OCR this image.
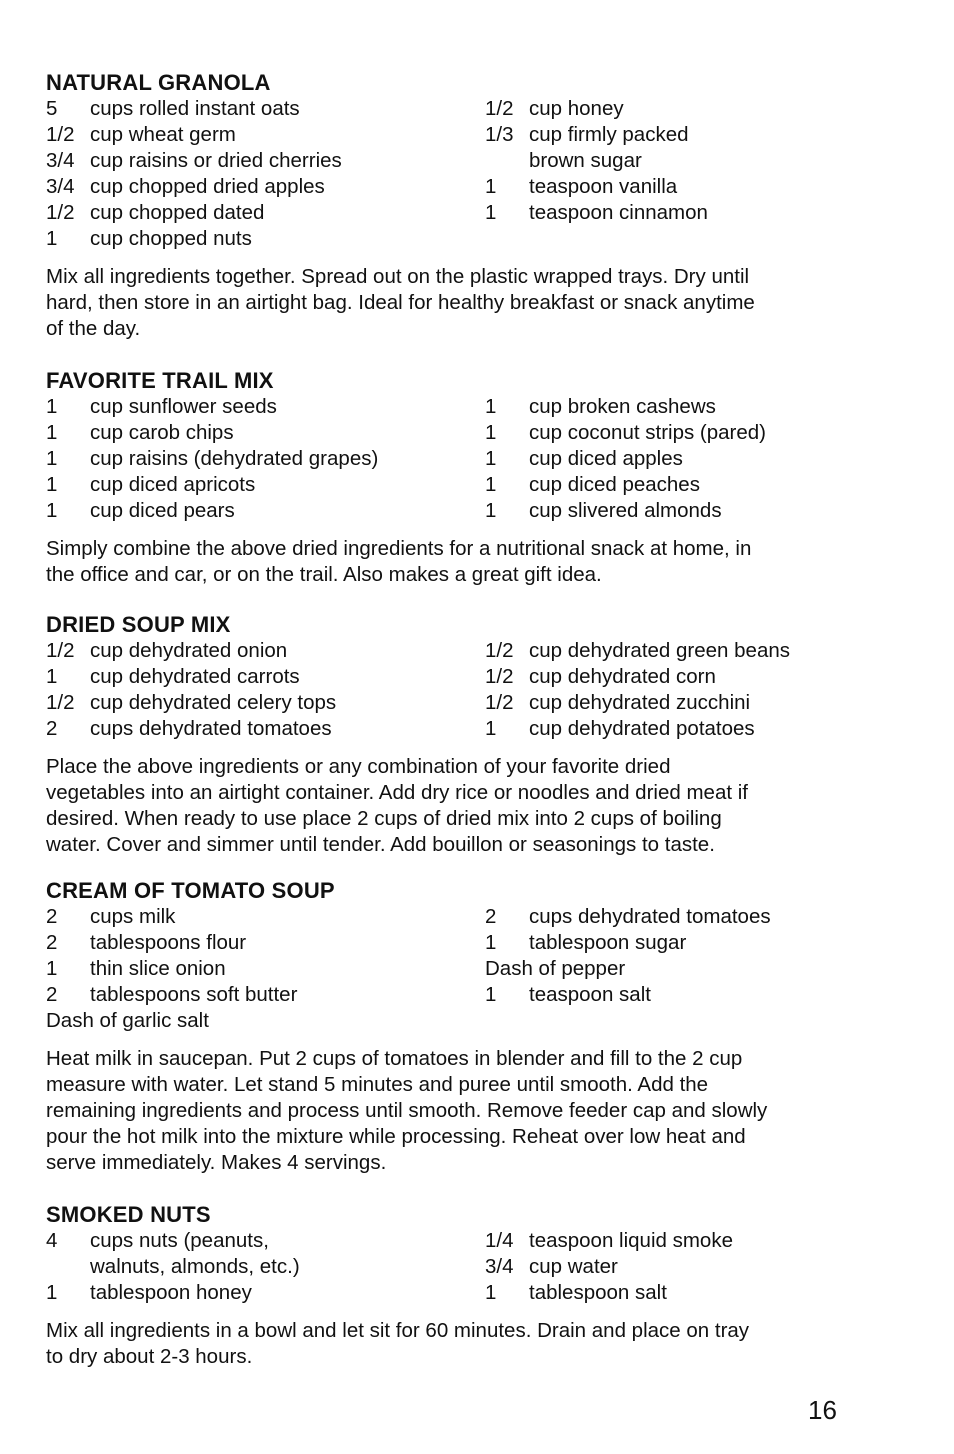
NATURAL GRANOLA
5 cups rolled instant oats
1/2 cup wheat germ
3/4 cup raisins or dried cherries
3/4 cup chopped dried apples
1/2 cup chopped dated
1 cup chopped nuts
1/2 cup honey
1/3 cup firmly packed
brown sugar
1 teaspoon vanilla
1 teaspoon cinnamon

Mix all ingredients together. Spread out on the plastic wrapped trays. Dry until
hard, then store in an airtight bag. Ideal for healthy breakfast or snack anytime
of the day.

FAVORITE TRAIL MIX
1 cup sunflower seeds
1 cup carob chips
1 cup raisins (dehydrated grapes)
1 cup diced apricots
1 cup diced pears
1 cup broken cashews
1 cup coconut strips (pared)
1 cup diced apples
1 cup diced peaches
1 cup slivered almonds

Simply combine the above dried ingredients for a nutritional snack at home, in
the office and car, or on the trail. Also makes a great gift idea.

DRIED SOUP MIX
1/2 cup dehydrated onion
1 cup dehydrated carrots
1/2 cup dehydrated celery tops
2 cups dehydrated tomatoes
1/2 cup dehydrated green beans
1/2 cup dehydrated corn
1/2 cup dehydrated zucchini
1 cup dehydrated potatoes

Place the above ingredients or any combination of your favorite dried
vegetables into an airtight container. Add dry rice or noodles and dried meat if
desired. When ready to use place 2 cups of dried mix into 2 cups of boiling
water. Cover and simmer until tender. Add bouillon or seasonings to taste.

CREAM OF TOMATO SOUP
2 cups milk
2 tablespoons flour
1 thin slice onion
2 tablespoons soft butter
Dash of garlic salt
2 cups dehydrated tomatoes
1 tablespoon sugar
Dash of pepper
1 teaspoon salt

Heat milk in saucepan. Put 2 cups of tomatoes in blender and fill to the 2 cup
measure with water. Let stand 5 minutes and puree until smooth. Add the
remaining ingredients and process until smooth. Remove feeder cap and slowly
pour the hot milk into the mixture while processing. Reheat over low heat and
serve immediately. Makes 4 servings.

SMOKED NUTS
4 cups nuts (peanuts,
walnuts, almonds, etc.)
1 tablespoon honey
1/4 teaspoon liquid smoke
3/4 cup water
1 tablespoon salt

Mix all ingredients in a bowl and let sit for 60 minutes. Drain and place on tray
to dry about 2-3 hours.

16
